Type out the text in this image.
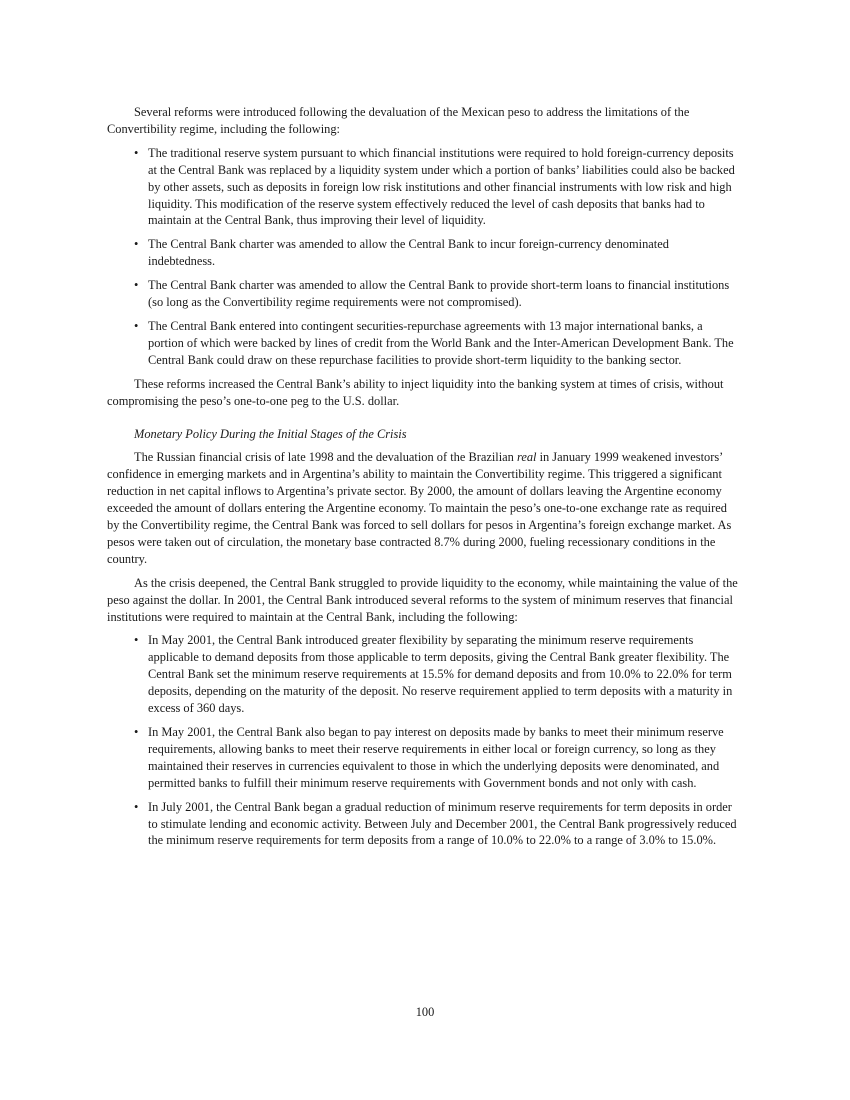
Several reforms were introduced following the devaluation of the Mexican peso to address the limitations of the Convertibility regime, including the following:

• The traditional reserve system pursuant to which financial institutions were required to hold foreign-currency deposits at the Central Bank was replaced by a liquidity system under which a portion of banks’ liabilities could also be backed by other assets, such as deposits in foreign low risk institutions and other financial instruments with low risk and high liquidity. This modification of the reserve system effectively reduced the level of cash deposits that banks had to maintain at the Central Bank, thus improving their level of liquidity.
• The Central Bank charter was amended to allow the Central Bank to incur foreign-currency denominated indebtedness.
• The Central Bank charter was amended to allow the Central Bank to provide short-term loans to financial institutions (so long as the Convertibility regime requirements were not compromised).
• The Central Bank entered into contingent securities-repurchase agreements with 13 major international banks, a portion of which were backed by lines of credit from the World Bank and the Inter-American Development Bank. The Central Bank could draw on these repurchase facilities to provide short-term liquidity to the banking sector.

These reforms increased the Central Bank’s ability to inject liquidity into the banking system at times of crisis, without compromising the peso’s one-to-one peg to the U.S. dollar.

Monetary Policy During the Initial Stages of the Crisis

The Russian financial crisis of late 1998 and the devaluation of the Brazilian real in January 1999 weakened investors’ confidence in emerging markets and in Argentina’s ability to maintain the Convertibility regime. This triggered a significant reduction in net capital inflows to Argentina’s private sector. By 2000, the amount of dollars leaving the Argentine economy exceeded the amount of dollars entering the Argentine economy. To maintain the peso’s one-to-one exchange rate as required by the Convertibility regime, the Central Bank was forced to sell dollars for pesos in Argentina’s foreign exchange market. As pesos were taken out of circulation, the monetary base contracted 8.7% during 2000, fueling recessionary conditions in the country.

As the crisis deepened, the Central Bank struggled to provide liquidity to the economy, while maintaining the value of the peso against the dollar. In 2001, the Central Bank introduced several reforms to the system of minimum reserves that financial institutions were required to maintain at the Central Bank, including the following:

• In May 2001, the Central Bank introduced greater flexibility by separating the minimum reserve requirements applicable to demand deposits from those applicable to term deposits, giving the Central Bank greater flexibility. The Central Bank set the minimum reserve requirements at 15.5% for demand deposits and from 10.0% to 22.0% for term deposits, depending on the maturity of the deposit. No reserve requirement applied to term deposits with a maturity in excess of 360 days.
• In May 2001, the Central Bank also began to pay interest on deposits made by banks to meet their minimum reserve requirements, allowing banks to meet their reserve requirements in either local or foreign currency, so long as they maintained their reserves in currencies equivalent to those in which the underlying deposits were denominated, and permitted banks to fulfill their minimum reserve requirements with Government bonds and not only with cash.
• In July 2001, the Central Bank began a gradual reduction of minimum reserve requirements for term deposits in order to stimulate lending and economic activity. Between July and December 2001, the Central Bank progressively reduced the minimum reserve requirements for term deposits from a range of 10.0% to 22.0% to a range of 3.0% to 15.0%.
100
